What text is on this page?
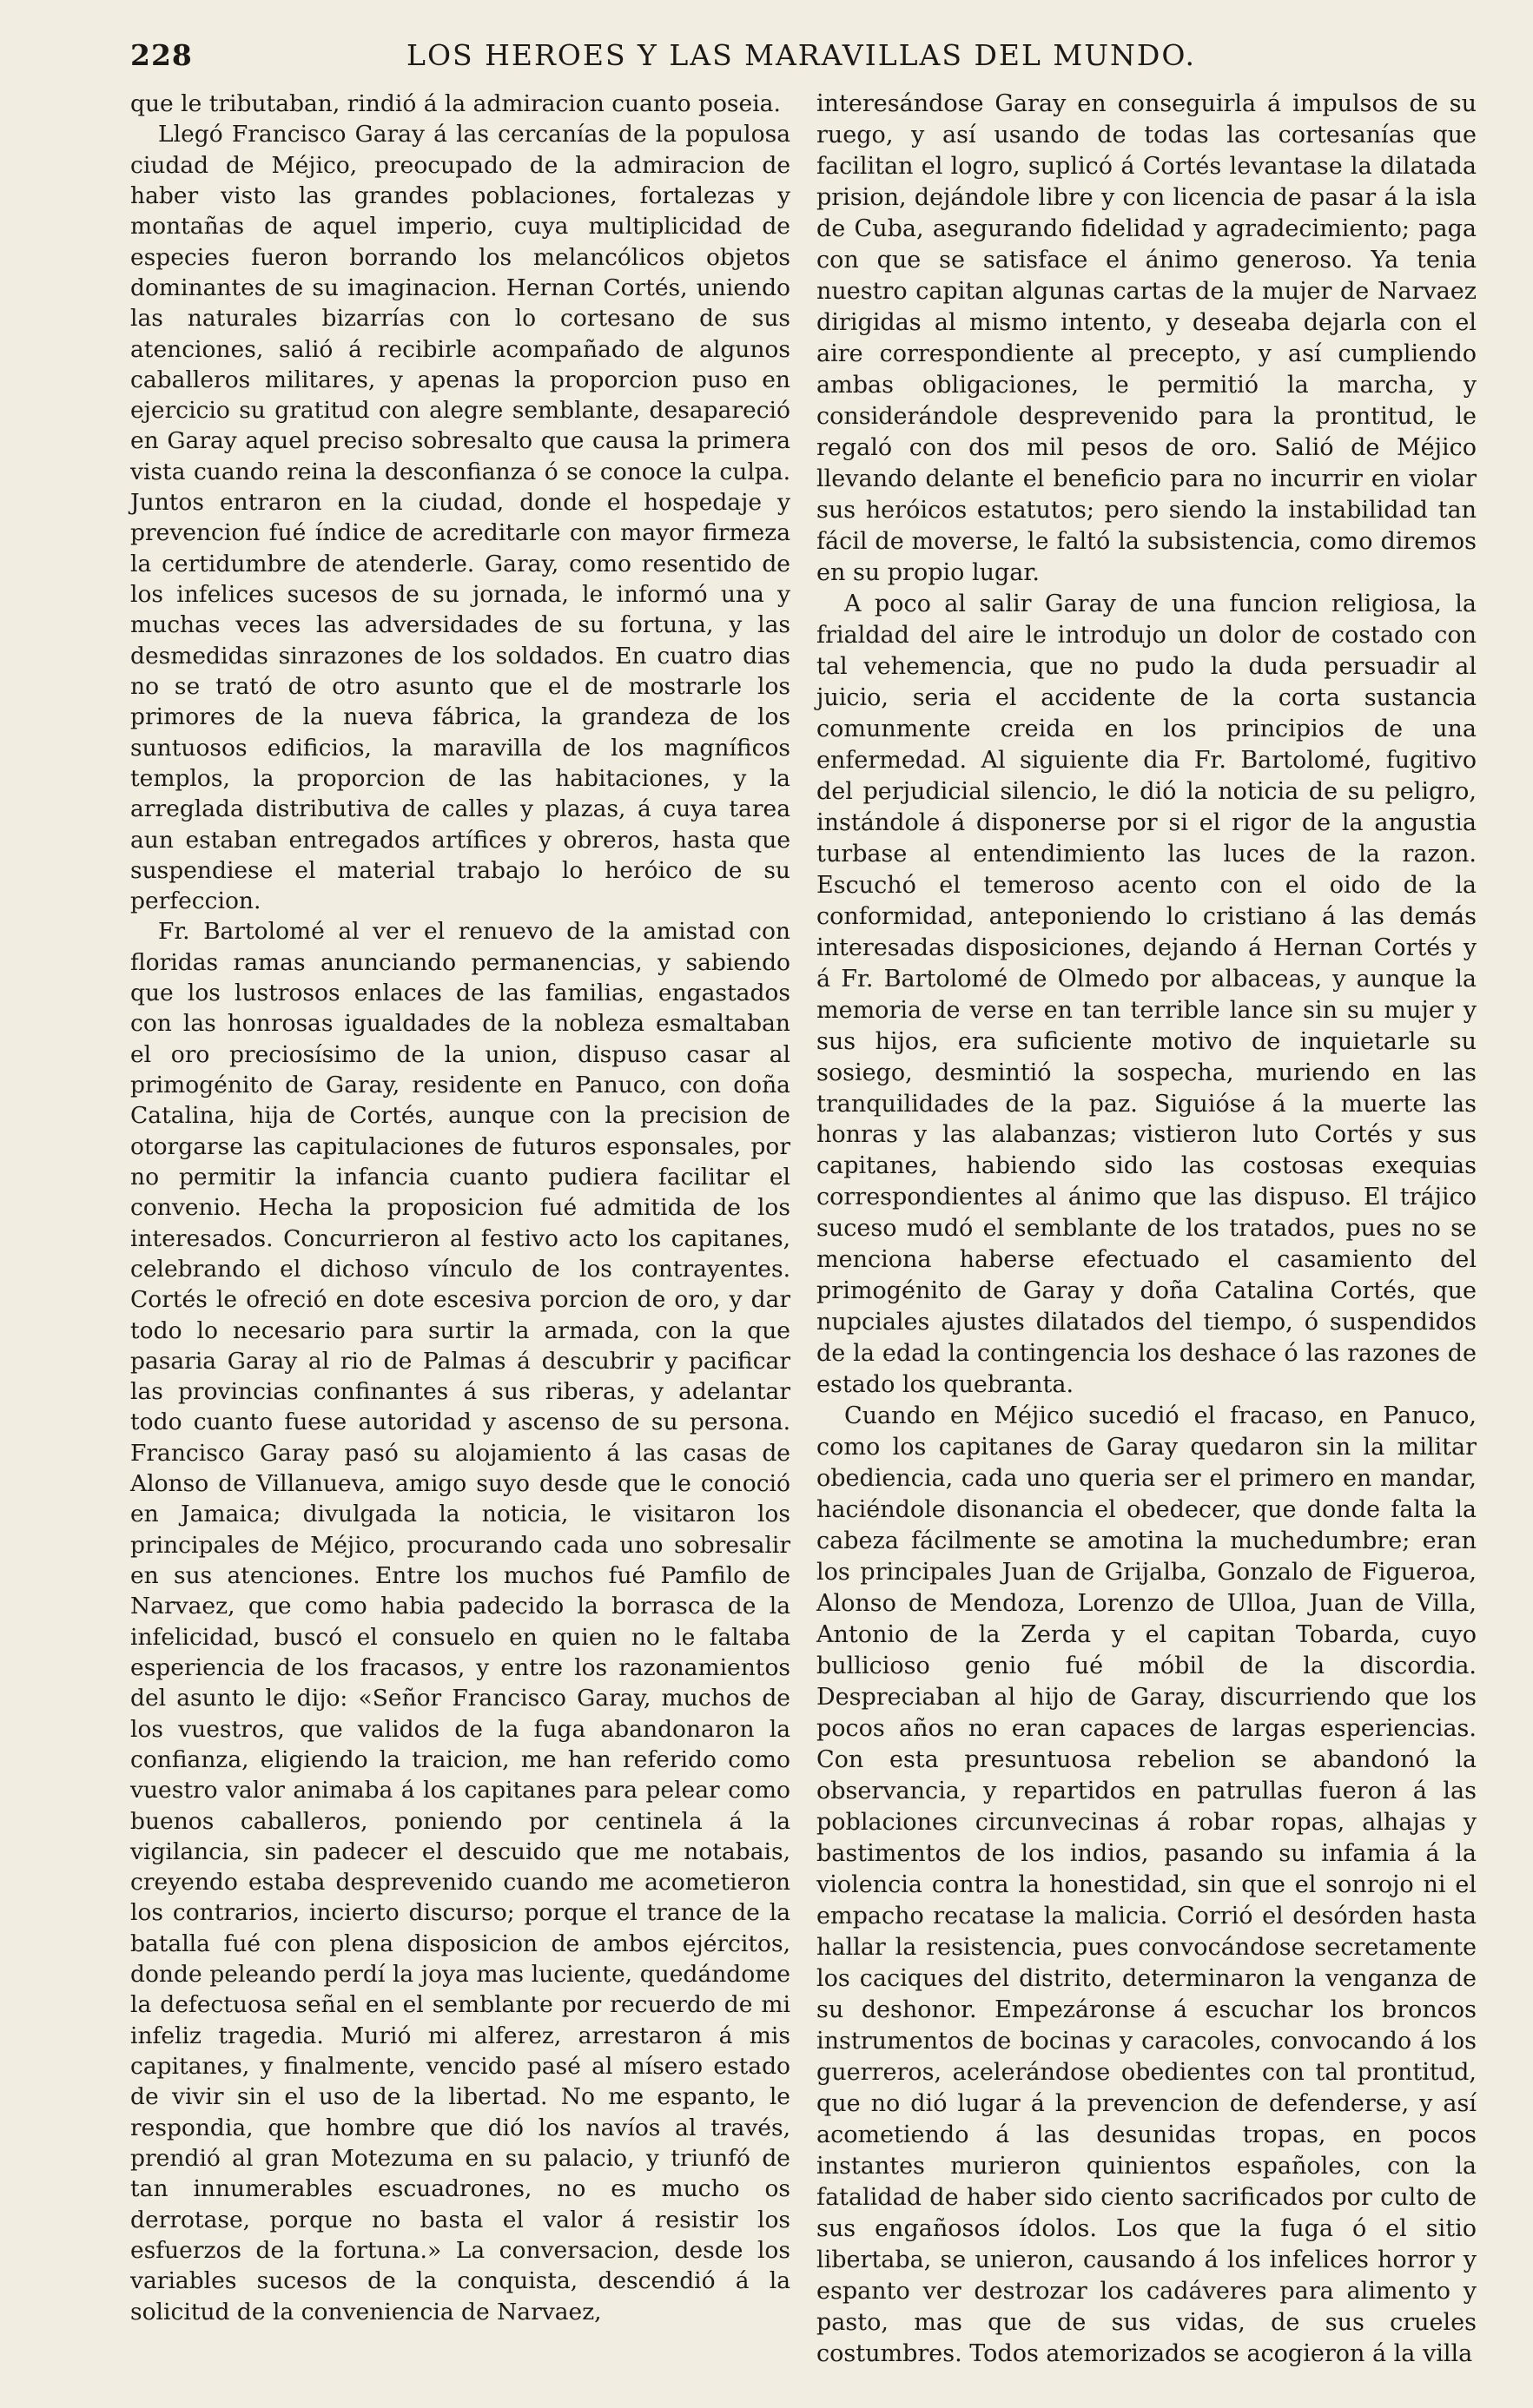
228	LOS HEROES Y LAS MARAVILLAS DEL MUNDO.

que le tributaban, rindió á la admiracion cuanto poseia.

Llegó Francisco Garay á las cercanías de la populosa ciudad de Méjico, preocupado de la admiracion de haber visto las grandes poblaciones, fortalezas y montañas de aquel imperio, cuya multiplicidad de especies fueron borrando los melancólicos objetos dominantes de su imaginacion. Hernan Cortés, uniendo las naturales bizarrías con lo cortesano de sus atenciones, salió á recibirle acompañado de algunos caballeros militares, y apenas la proporcion puso en ejercicio su gratitud con alegre semblante, desapareció en Garay aquel preciso sobresalto que causa la primera vista cuando reina la desconfianza ó se conoce la culpa. Juntos entraron en la ciudad, donde el hospedaje y prevencion fué índice de acreditarle con mayor firmeza la certidumbre de atenderle. Garay, como resentido de los infelices sucesos de su jornada, le informó una y muchas veces las adversidades de su fortuna, y las desmedidas sinrazones de los soldados. En cuatro dias no se trató de otro asunto que el de mostrarle los primores de la nueva fábrica, la grandeza de los suntuosos edificios, la maravilla de los magníficos templos, la proporcion de las habitaciones, y la arreglada distributiva de calles y plazas, á cuya tarea aun estaban entregados artífices y obreros, hasta que suspendiese el material trabajo lo heróico de su perfeccion.

Fr. Bartolomé al ver el renuevo de la amistad con floridas ramas anunciando permanencias, y sabiendo que los lustrosos enlaces de las familias, engastados con las honrosas igualdades de la nobleza esmaltaban el oro preciosísimo de la union, dispuso casar al primogénito de Garay, residente en Panuco, con doña Catalina, hija de Cortés, aunque con la precision de otorgarse las capitulaciones de futuros esponsales, por no permitir la infancia cuanto pudiera facilitar el convenio. Hecha la proposicion fué admitida de los interesados. Concurrieron al festivo acto los capitanes, celebrando el dichoso vínculo de los contrayentes. Cortés le ofreció en dote escesiva porcion de oro, y dar todo lo necesario para surtir la armada, con la que pasaria Garay al rio de Palmas á descubrir y pacificar las provincias confinantes á sus riberas, y adelantar todo cuanto fuese autoridad y ascenso de su persona. Francisco Garay pasó su alojamiento á las casas de Alonso de Villanueva, amigo suyo desde que le conoció en Jamaica; divulgada la noticia, le visitaron los principales de Méjico, procurando cada uno sobresalir en sus atenciones. Entre los muchos fué Pamfilo de Narvaez, que como habia padecido la borrasca de la infelicidad, buscó el consuelo en quien no le faltaba esperiencia de los fracasos, y entre los razonamientos del asunto le dijo: «Señor Francisco Garay, muchos de los vuestros, que validos de la fuga abandonaron la confianza, eligiendo la traicion, me han referido como vuestro valor animaba á los capitanes para pelear como buenos caballeros, poniendo por centinela á la vigilancia, sin padecer el descuido que me notabais, creyendo estaba desprevenido cuando me acometieron los contrarios, incierto discurso; porque el trance de la batalla fué con plena disposicion de ambos ejércitos, donde peleando perdí la joya mas luciente, quedándome la defectuosa señal en el semblante por recuerdo de mi infeliz tragedia. Murió mi alferez, arrestaron á mis capitanes, y finalmente, vencido pasé al mísero estado de vivir sin el uso de la libertad. No me espanto, le respondia, que hombre que dió los navíos al través, prendió al gran Motezuma en su palacio, y triunfó de tan innumerables escuadrones, no es mucho os derrotase, porque no basta el valor á resistir los esfuerzos de la fortuna.» La conversacion, desde los variables sucesos de la conquista, descendió á la solicitud de la conveniencia de Narvaez,

interesándose Garay en conseguirla á impulsos de su ruego, y así usando de todas las cortesanías que facilitan el logro, suplicó á Cortés levantase la dilatada prision, dejándole libre y con licencia de pasar á la isla de Cuba, asegurando fidelidad y agradecimiento; paga con que se satisface el ánimo generoso. Ya tenia nuestro capitan algunas cartas de la mujer de Narvaez dirigidas al mismo intento, y deseaba dejarla con el aire correspondiente al precepto, y así cumpliendo ambas obligaciones, le permitió la marcha, y considerándole desprevenido para la prontitud, le regaló con dos mil pesos de oro. Salió de Méjico llevando delante el beneficio para no incurrir en violar sus heróicos estatutos; pero siendo la instabilidad tan fácil de moverse, le faltó la subsistencia, como diremos en su propio lugar.

A poco al salir Garay de una funcion religiosa, la frialdad del aire le introdujo un dolor de costado con tal vehemencia, que no pudo la duda persuadir al juicio, seria el accidente de la corta sustancia comunmente creida en los principios de una enfermedad. Al siguiente dia Fr. Bartolomé, fugitivo del perjudicial silencio, le dió la noticia de su peligro, instándole á disponerse por si el rigor de la angustia turbase al entendimiento las luces de la razon. Escuchó el temeroso acento con el oido de la conformidad, anteponiendo lo cristiano á las demás interesadas disposiciones, dejando á Hernan Cortés y á Fr. Bartolomé de Olmedo por albaceas, y aunque la memoria de verse en tan terrible lance sin su mujer y sus hijos, era suficiente motivo de inquietarle su sosiego, desmintió la sospecha, muriendo en las tranquilidades de la paz. Siguióse á la muerte las honras y las alabanzas; vistieron luto Cortés y sus capitanes, habiendo sido las costosas exequias correspondientes al ánimo que las dispuso. El trájico suceso mudó el semblante de los tratados, pues no se menciona haberse efectuado el casamiento del primogénito de Garay y doña Catalina Cortés, que nupciales ajustes dilatados del tiempo, ó suspendidos de la edad la contingencia los deshace ó las razones de estado los quebranta.

Cuando en Méjico sucedió el fracaso, en Panuco, como los capitanes de Garay quedaron sin la militar obediencia, cada uno queria ser el primero en mandar, haciéndole disonancia el obedecer, que donde falta la cabeza fácilmente se amotina la muchedumbre; eran los principales Juan de Grijalba, Gonzalo de Figueroa, Alonso de Mendoza, Lorenzo de Ulloa, Juan de Villa, Antonio de la Zerda y el capitan Tobarda, cuyo bullicioso genio fué móbil de la discordia. Despreciaban al hijo de Garay, discurriendo que los pocos años no eran capaces de largas esperiencias. Con esta presuntuosa rebelion se abandonó la observancia, y repartidos en patrullas fueron á las poblaciones circunvecinas á robar ropas, alhajas y bastimentos de los indios, pasando su infamia á la violencia contra la honestidad, sin que el sonrojo ni el empacho recatase la malicia. Corrió el desórden hasta hallar la resistencia, pues convocándose secretamente los caciques del distrito, determinaron la venganza de su deshonor. Empezáronse á escuchar los broncos instrumentos de bocinas y caracoles, convocando á los guerreros, acelerándose obedientes con tal prontitud, que no dió lugar á la prevencion de defenderse, y así acometiendo á las desunidas tropas, en pocos instantes murieron quinientos españoles, con la fatalidad de haber sido ciento sacrificados por culto de sus engañosos ídolos. Los que la fuga ó el sitio libertaba, se unieron, causando á los infelices horror y espanto ver destrozar los cadáveres para alimento y pasto, mas que de sus vidas, de sus crueles costumbres. Todos atemorizados se acogieron á la villa
